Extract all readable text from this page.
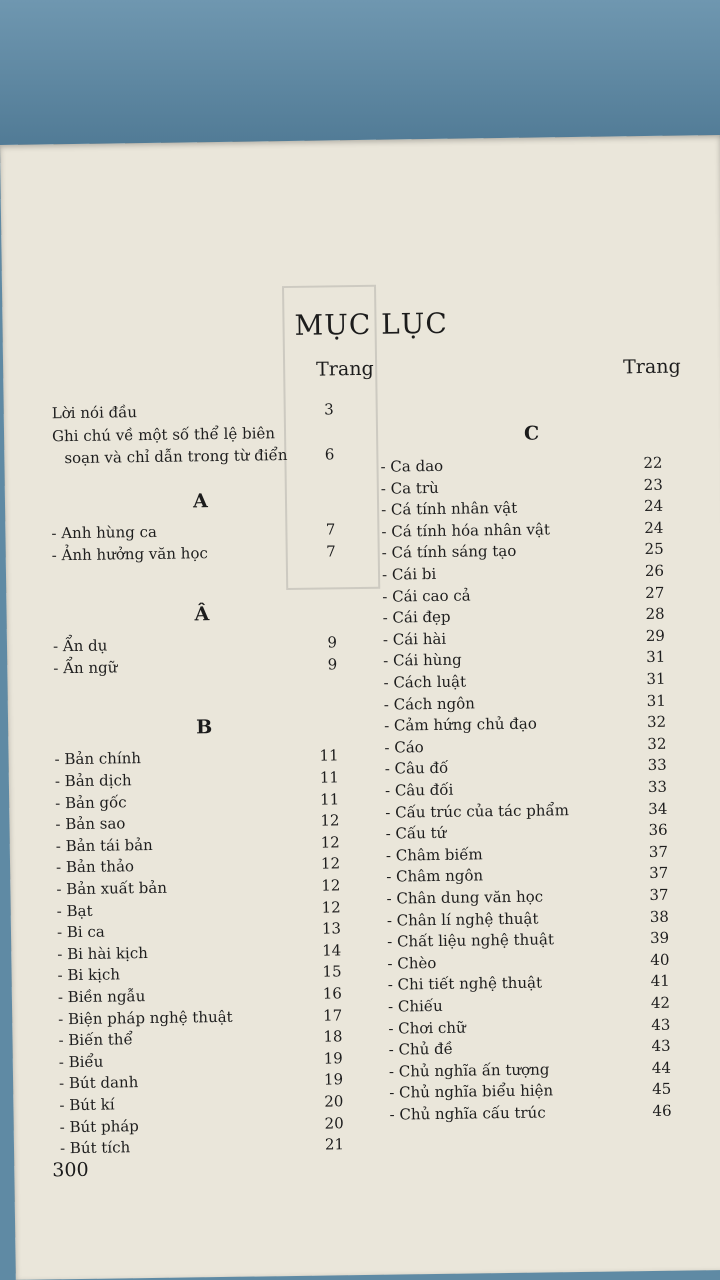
MỤC LỤC
Trang	Trang
Lời nói đầu	3
Ghi chú về một số thể lệ biên
soạn và chỉ dẫn trong từ điển	6
A
- Anh hùng ca	7
- Ảnh hưởng văn học	7
Â
- Ẩn dụ	9
- Ẩn ngữ	9
B
- Bản chính	11
- Bản dịch	11
- Bản gốc	11
- Bản sao	12
- Bản tái bản	12
- Bản thảo	12
- Bản xuất bản	12
- Bạt	12
- Bi ca	13
- Bi hài kịch	14
- Bi kịch	15
- Biền ngẫu	16
- Biện pháp nghệ thuật	17
- Biến thể	18
- Biểu	19
- Bút danh	19
- Bút kí	20
- Bút pháp	20
- Bút tích	21
C
- Ca dao	22
- Ca trù	23
- Cá tính nhân vật	24
- Cá tính hóa nhân vật	24
- Cá tính sáng tạo	25
- Cái bi	26
- Cái cao cả	27
- Cái đẹp	28
- Cái hài	29
- Cái hùng	31
- Cách luật	31
- Cách ngôn	31
- Cảm hứng chủ đạo	32
- Cáo	32
- Câu đố	33
- Câu đối	33
- Cấu trúc của tác phẩm	34
- Cấu tứ	36
- Châm biếm	37
- Châm ngôn	37
- Chân dung văn học	37
- Chân lí nghệ thuật	38
- Chất liệu nghệ thuật	39
- Chèo	40
- Chi tiết nghệ thuật	41
- Chiếu	42
- Chơi chữ	43
- Chủ đề	43
- Chủ nghĩa ấn tượng	44
- Chủ nghĩa biểu hiện	45
- Chủ nghĩa cấu trúc	46
300
